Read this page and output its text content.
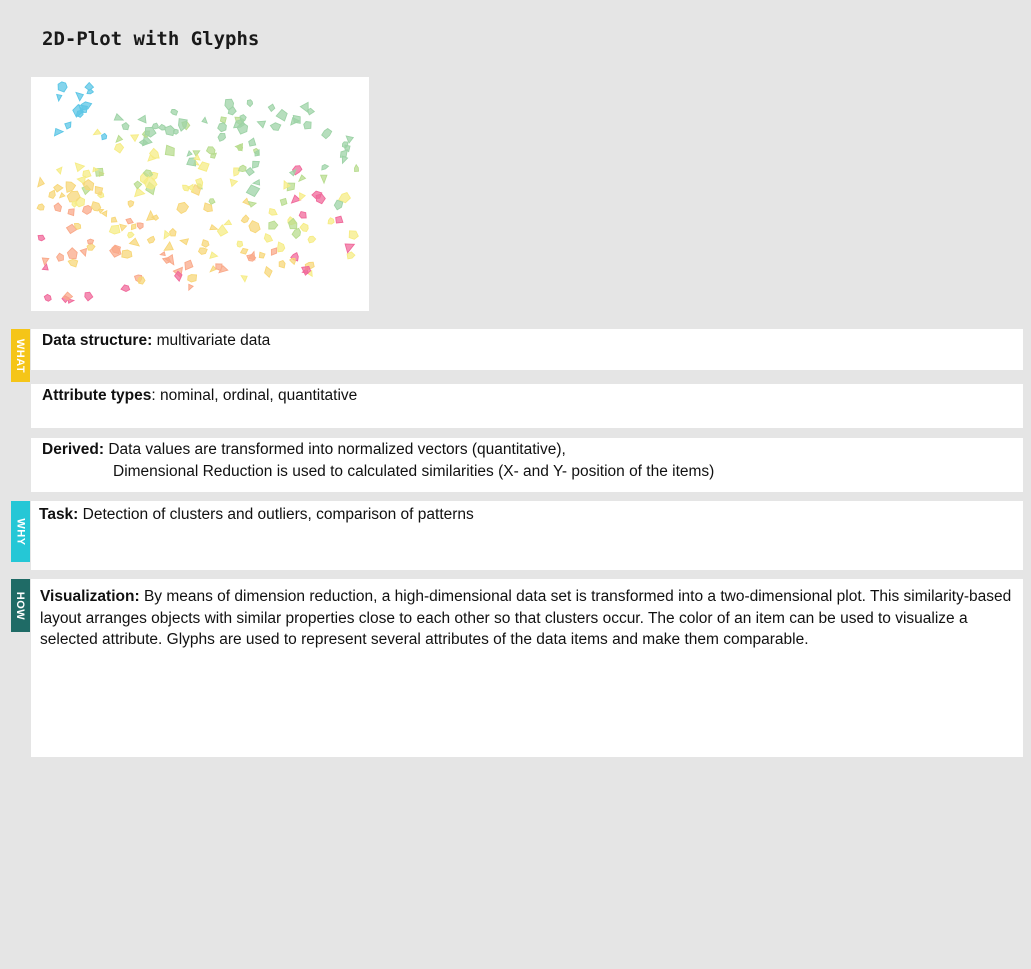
2D-Plot with Glyphs
WHAT
WHY
HOW
Data structure: multivariate data
Attribute types: nominal, ordinal, quantitative
Derived: Data values are transformed into normalized vectors (quantitative),
Dimensional Reduction is used to calculated similarities (X- and Y- position of the items)
Task: Detection of clusters and outliers, comparison of patterns
Visualization: By means of dimension reduction, a high-dimensional data set is transformed into a two-dimensional plot. This similarity-based layout arranges objects with similar properties close to each other so that clusters occur. The color of an item can be used to visualize a selected attribute. Glyphs are used to represent several attributes of the data items and make them comparable.
